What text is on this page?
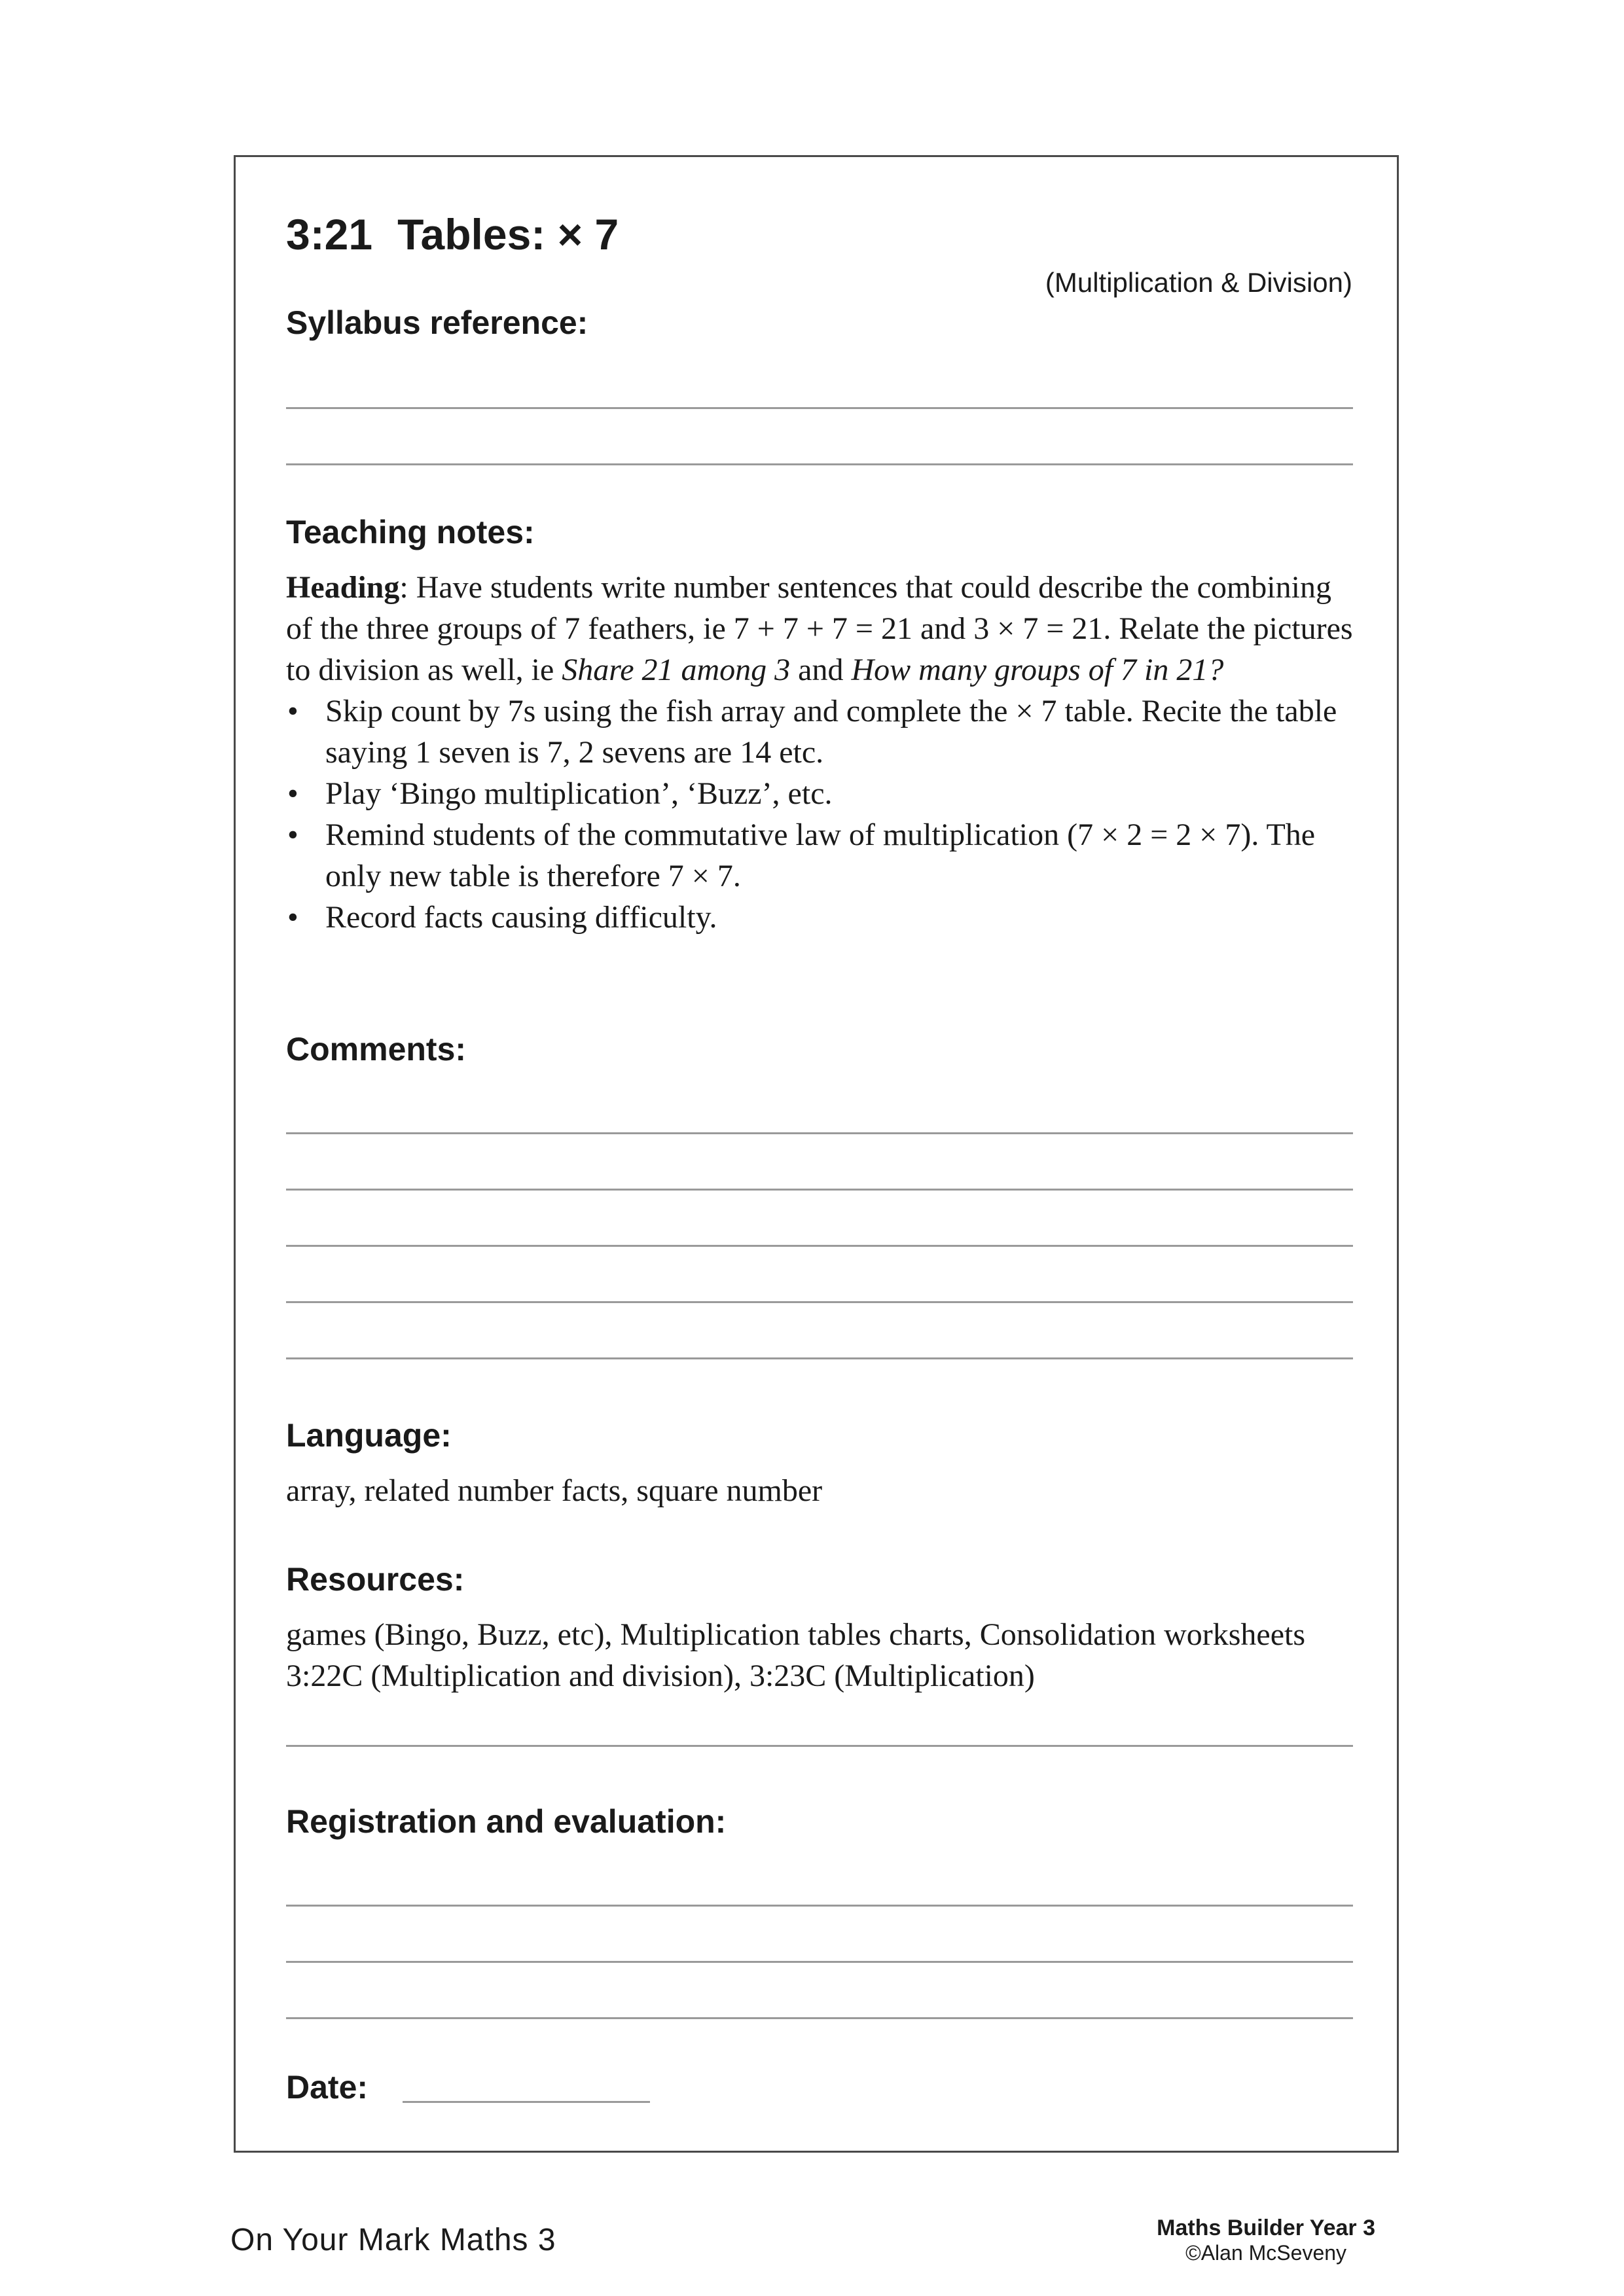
3:21 Tables: × 7

(Multiplication & Division)

Syllabus reference:
Teaching notes:

Heading: Have students write number sentences that could describe the combining of the three groups of 7 feathers, ie 7 + 7 + 7 = 21 and 3 × 7 = 21. Relate the pictures to division as well, ie Share 21 among 3 and How many groups of 7 in 21?

• Skip count by 7s using the fish array and complete the × 7 table. Recite the table saying 1 seven is 7, 2 sevens are 14 etc.
• Play ‘Bingo multiplication’, ‘Buzz’, etc.
• Remind students of the commutative law of multiplication (7 × 2 = 2 × 7). The only new table is therefore 7 × 7.
• Record facts causing difficulty.
Comments:
Language:

array, related number facts, square number

Resources:

games (Bingo, Buzz, etc), Multiplication tables charts, Consolidation worksheets 3:22C (Multiplication and division), 3:23C (Multiplication)

Registration and evaluation:
Date:

On Your Mark Maths 3	Maths Builder Year 3
©Alan McSeveny
